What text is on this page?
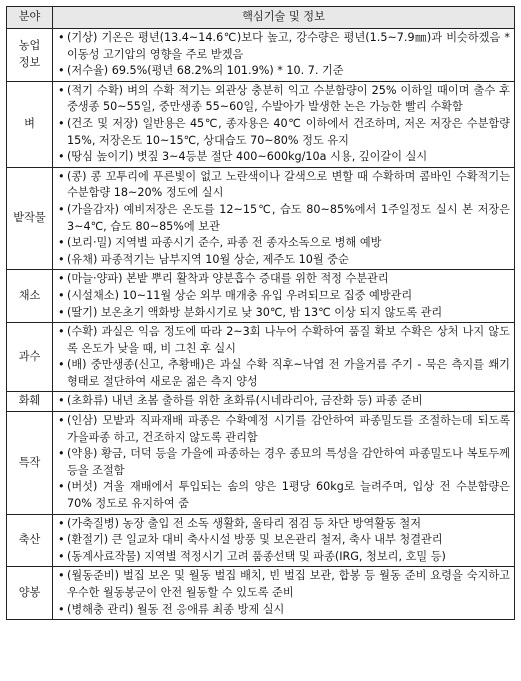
분야	핵심기술 및 정보
농업정보	• (기상) 기온은 평년(13.4~14.6℃)보다 높고, 강수량은 평년(1.5~7.9㎜)과 비슷하겠음 * 이동성 고기압의 영향을 주로 받겠음
• (저수율) 69.5%(평년 68.2%의 101.9%) * 10. 7. 기준

벼	• (적기 수확) 벼의 수확 적기는 외관상 충분히 익고 수분함량이 25% 이하일 때이며 출수 후 중생종 50~55일, 중만생종 55~60일, 수발아가 발생한 논은 가능한 빨리 수확함
• (건조 및 저장) 일반용은 45℃, 종자용은 40℃ 이하에서 건조하며, 저온 저장은 수분함량 15%, 저장온도 10~15℃, 상대습도 70~80% 정도 유지
• (땅심 높이기) 볏짚 3~4등분 절단 400~600kg/10a 시용, 깊이갈이 실시

밭작물	• (콩) 콩 꼬투리에 푸른빛이 없고 노란색이나 갈색으로 변할 때 수확하며 콤바인 수확적기는 수분함량 18~20% 정도에 실시
• (가을감자) 예비저장은 온도를 12~15℃, 습도 80~85%에서 1주일정도 실시 본 저장은 3~4℃, 습도 80~85%에 보관
• (보리·밀) 지역별 파종시기 준수, 파종 전 종자소독으로 병해 예방
• (유채) 파종적기는 남부지역 10월 상순, 제주도 10월 중순

채소	• (마늘·양파) 본밭 뿌리 활착과 양분흡수 증대를 위한 적정 수분관리
• (시설채소) 10~11월 상순 외부 매개충 유입 우려되므로 집중 예방관리
• (딸기) 보온초기 액화방 분화시기로 낮 30℃, 밤 13℃ 이상 되지 않도록 관리

과수	• (수확) 과실은 익음 정도에 따라 2~3회 나누어 수확하여 품질 확보 수확은 상처 나지 않도록 온도가 낮을 때, 비 그친 후 실시
• (배) 중만생종(신고, 추황배)은 과실 수확 직후~낙엽 전 가을거름 주기 - 묵은 측지를 쐐기형태로 절단하여 새로운 젊은 측지 양성

화훼	• (초화류) 내년 초봄 출하를 위한 초화류(시네라리아, 금잔화 등) 파종 준비

특작	• (인삼) 모밭과 직파재배 파종은 수확예정 시기를 감안하여 파종밀도를 조절하는데 되도록 가을파종 하고, 건조하지 않도록 관리함
• (약용) 황금, 더덕 등을 가을에 파종하는 경우 종묘의 특성을 감안하여 파종밀도나 복토두께 등을 조절함
• (버섯) 겨울 재배에서 투입되는 솜의 양은 1평당 60kg로 늘려주며, 입상 전 수분함량은 70% 정도로 유지하여 줌

축산	• (가축질병) 농장 출입 전 소독 생활화, 울타리 점검 등 차단 방역활동 철저
• (환절기) 큰 일교차 대비 축사시설 방풍 및 보온관리 철저, 축사 내부 청결관리
• (동계사료작물) 지역별 적정시기 고려 품종선택 및 파종(IRG, 청보리, 호밀 등)

양봉	• (월동준비) 벌집 보온 및 월동 벌집 배치, 빈 벌집 보관, 합봉 등 월동 준비 요령을 숙지하고 우수한 월동봉군이 안전 월동할 수 있도록 준비
• (병해충 관리) 월동 전 응애류 최종 방제 실시
